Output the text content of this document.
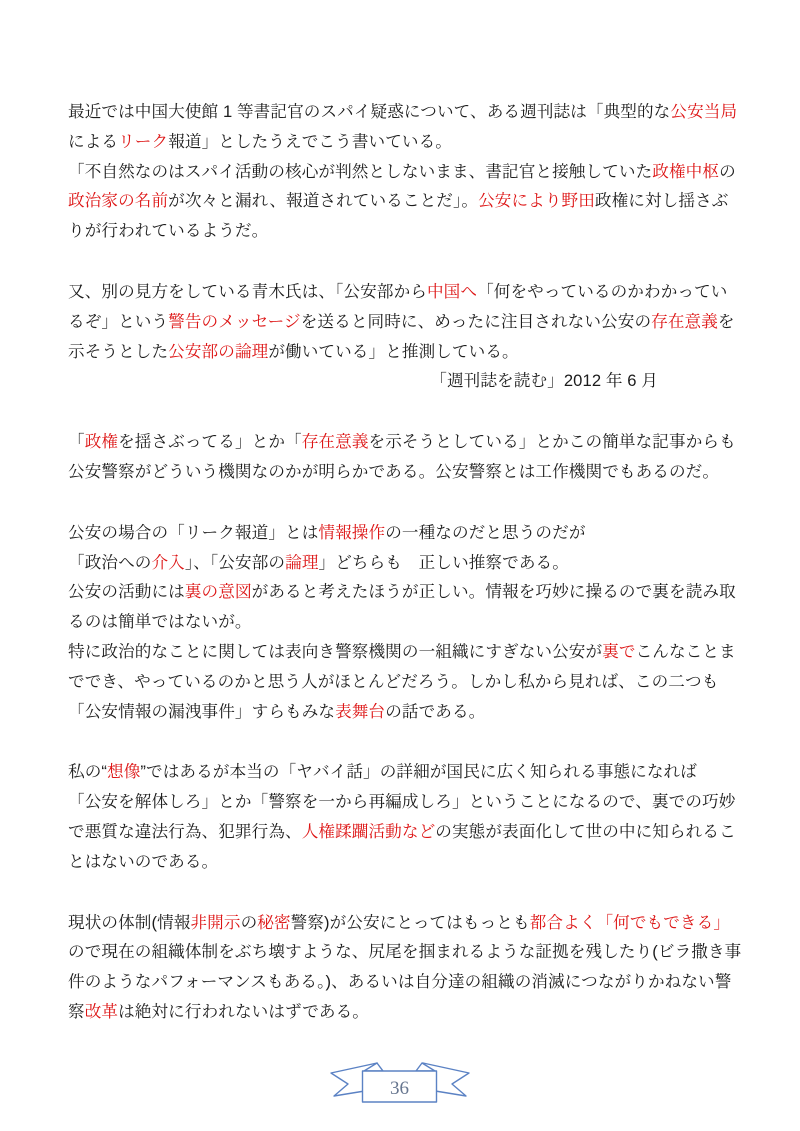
最近では中国大使館 1 等書記官のスパイ疑惑について、ある週刊誌は「典型的な公安当局
によるリーク報道」としたうえでこう書いている。
「不自然なのはスパイ活動の核心が判然としないまま、書記官と接触していた政権中枢の
政治家の名前が次々と漏れ、報道されていることだ」。公安により野田政権に対し揺さぶ
りが行われているようだ。
又、別の見方をしている青木氏は、「公安部から中国へ「何をやっているのかわかってい
るぞ」という警告のメッセージを送ると同時に、めったに注目されない公安の存在意義を
示そうとした公安部の論理が働いている」と推測している。
「週刊誌を読む」2012 年 6 月
「政権を揺さぶってる」とか「存在意義を示そうとしている」とかこの簡単な記事からも
公安警察がどういう機関なのかが明らかである。公安警察とは工作機関でもあるのだ。
公安の場合の「リーク報道」とは情報操作の一種なのだと思うのだが
「政治への介入」、「公安部の論理」どちらも　正しい推察である。
公安の活動には裏の意図があると考えたほうが正しい。情報を巧妙に操るので裏を読み取
るのは簡単ではないが。
特に政治的なことに関しては表向き警察機関の一組織にすぎない公安が裏でこんなことま
ででき、やっているのかと思う人がほとんどだろう。しかし私から見れば、この二つも
「公安情報の漏洩事件」すらもみな表舞台の話である。
私の“想像”ではあるが本当の「ヤバイ話」の詳細が国民に広く知られる事態になれば
「公安を解体しろ」とか「警察を一から再編成しろ」ということになるので、裏での巧妙
で悪質な違法行為、犯罪行為、人権蹂躙活動などの実態が表面化して世の中に知られるこ
とはないのである。
現状の体制(情報非開示の秘密警察)が公安にとってはもっとも都合よく「何でもできる」
ので現在の組織体制をぶち壊すような、尻尾を掴まれるような証拠を残したり(ビラ撒き事
件のようなパフォーマンスもある。)、あるいは自分達の組織の消滅につながりかねない警
察改革は絶対に行われないはずである。
36
